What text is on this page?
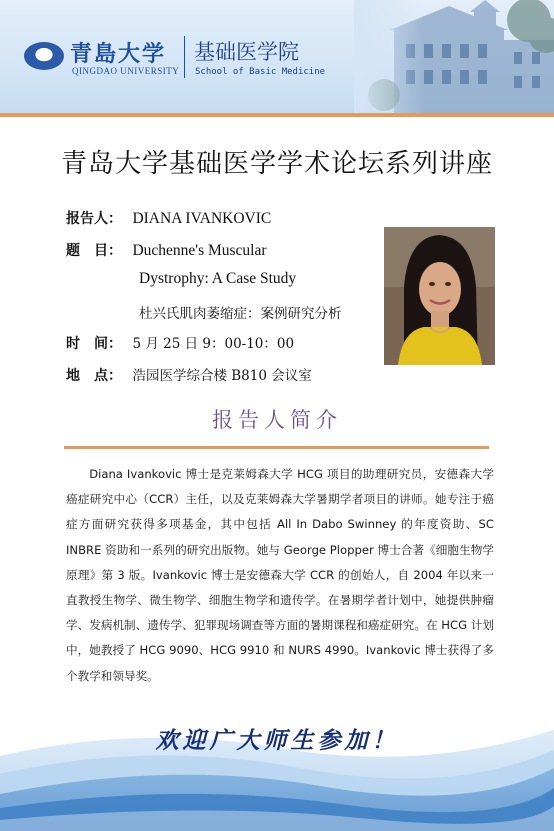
青島大学
QINGDAO UNIVERSITY
基础医学院
School of Basic Medicine
青岛大学基础医学学术论坛系列讲座
报告人： DIANA IVANKOVIC
题　目： Duchenne's Muscular
Dystrophy: A Case Study
杜兴氏肌肉萎缩症：案例研究分析
时　间： 5 月 25 日 9：00-10：00
地　点： 浩园医学综合楼 B810 会议室
报告人简介

Diana Ivankovic 博士是克莱姆森大学 HCG 项目的助理研究员，安德森大学癌症研究中心（CCR）主任，以及克莱姆森大学暑期学者项目的讲师。她专注于癌症方面研究获得多项基金，其中包括 All In Dabo Swinney 的年度资助、SC INBRE 资助和一系列的研究出版物。她与 George Plopper 博士合著《细胞生物学原理》第 3 版。Ivankovic 博士是安德森大学 CCR 的创始人，自 2004 年以来一直教授生物学、微生物学、细胞生物学和遗传学。在暑期学者计划中，她提供肿瘤学、发病机制、遗传学、犯罪现场调查等方面的暑期课程和癌症研究。在 HCG 计划中，她教授了 HCG 9090、HCG 9910 和 NURS 4990。Ivankovic 博士获得了多个教学和领导奖。

欢迎广大师生参加！
